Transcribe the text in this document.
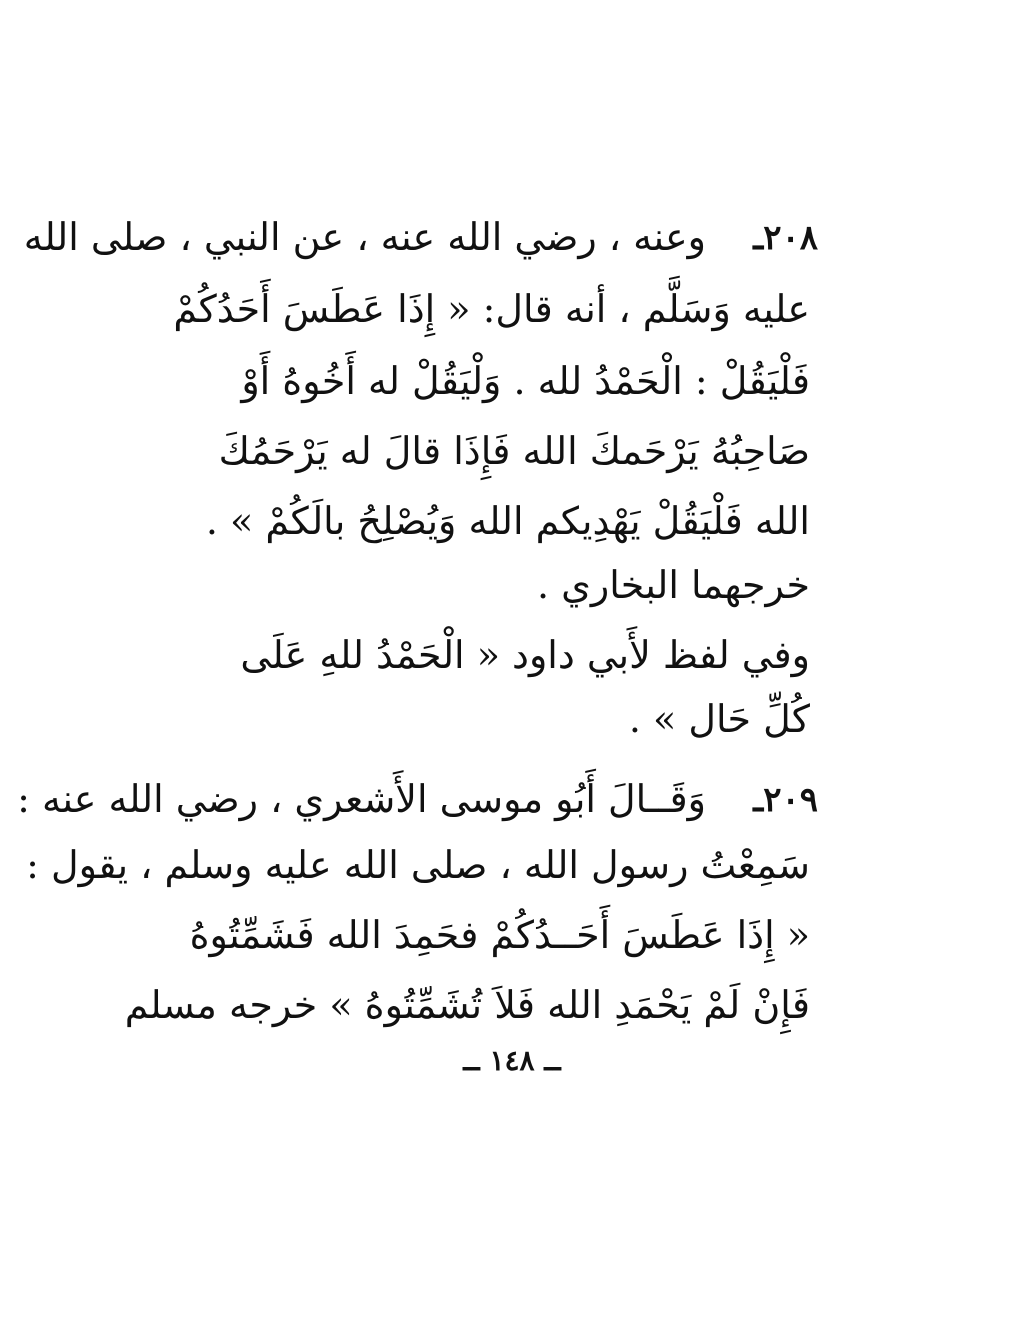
٢٠٨ـ
وعنه ، رضي الله عنه ، عن النبي ، صلى الله
عليه وَسَلَّم ، أنه قال: « إِذَا عَطَسَ أَحَدُكُمْ
فَلْيَقُلْ : الْحَمْدُ لله . وَلْيَقُلْ له أَخُوهُ أَوْ
صَاحِبُهُ يَرْحَمكَ الله فَإِذَا قالَ له يَرْحَمُكَ
الله فَلْيَقُلْ يَهْدِيكم الله وَيُصْلِحُ بالَكُمْ » .
خرجهما البخاري .
وفي لفظ لأَبي داود « الْحَمْدُ للهِ عَلَى
كُلِّ حَال » .
٢٠٩ـ
وَقَــالَ أَبُو موسى الأَشعري ، رضي الله عنه :
سَمِعْتُ رسول الله ، صلى الله عليه وسلم ، يقول :
« إِذَا عَطَسَ أَحَــدُكُمْ فحَمِدَ الله فَشَمِّتُوهُ
فَإِنْ لَمْ يَحْمَدِ الله فَلاَ تُشَمِّتُوهُ » خرجه مسلم
ــ ١٤٨ ــ
